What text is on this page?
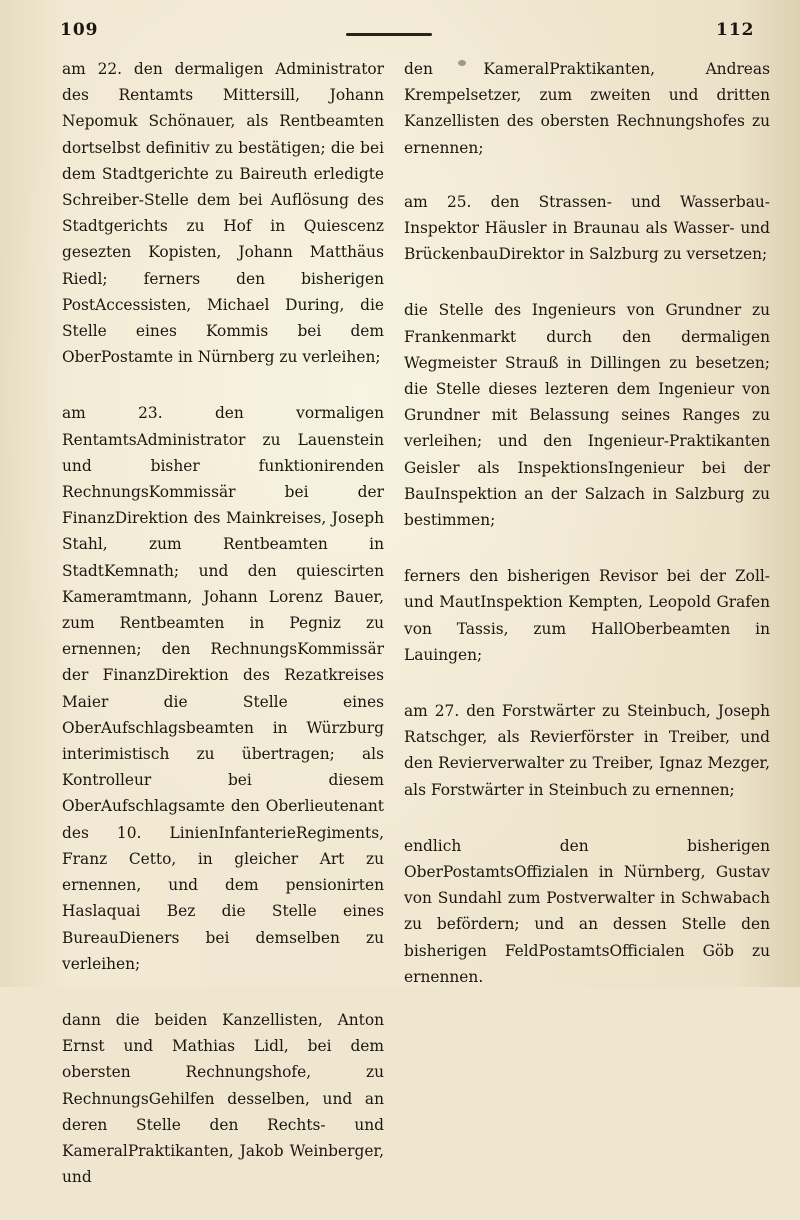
109	112

am 22. den dermaligen Administrator des Rentamts Mittersill, Johann Nepomuk Schönauer, als Rentbeamten dortselbst definitiv zu bestätigen; die bei dem Stadtgerichte zu Baireuth erledigte Schreiber-Stelle dem bei Auflösung des Stadtgerichts zu Hof in Quiescenz gesezten Kopisten, Johann Matthäus Riedl; ferners den bisherigen PostAccessisten, Michael During, die Stelle eines Kommis bei dem OberPostamte in Nürnberg zu verleihen;

am 23. den vormaligen RentamtsAdministrator zu Lauenstein und bisher funktionirenden RechnungsKommissär bei der FinanzDirektion des Mainkreises, Joseph Stahl, zum Rentbeamten in StadtKemnath; und den quiescirten Kameramtmann, Johann Lorenz Bauer, zum Rentbeamten in Pegniz zu ernennen; den RechnungsKommissär der FinanzDirektion des Rezatkreises Maier die Stelle eines OberAufschlagsbeamten in Würzburg interimistisch zu übertragen; als Kontrolleur bei diesem OberAufschlagsamte den Oberlieutenant des 10. LinienInfanterieRegiments, Franz Cetto, in gleicher Art zu ernennen, und dem pensionirten Haslaquai Bez die Stelle eines BureauDieners bei demselben zu verleihen;

dann die beiden Kanzellisten, Anton Ernst und Mathias Lidl, bei dem obersten Rechnungshofe, zu RechnungsGehilfen desselben, und an deren Stelle den Rechts- und KameralPraktikanten, Jakob Weinberger, und

den KameralPraktikanten, Andreas Krempelsetzer, zum zweiten und dritten Kanzellisten des obersten Rechnungshofes zu ernennen;

am 25. den Strassen- und Wasserbau-Inspektor Häusler in Braunau als Wasser- und BrückenbauDirektor in Salzburg zu versetzen;

die Stelle des Ingenieurs von Grundner zu Frankenmarkt durch den dermaligen Wegmeister Strauß in Dillingen zu besetzen; die Stelle dieses lezteren dem Ingenieur von Grundner mit Belassung seines Ranges zu verleihen; und den Ingenieur-Praktikanten Geisler als InspektionsIngenieur bei der BauInspektion an der Salzach in Salzburg zu bestimmen;

ferners den bisherigen Revisor bei der Zoll- und MautInspektion Kempten, Leopold Grafen von Tassis, zum HallOberbeamten in Lauingen;

am 27. den Forstwärter zu Steinbuch, Joseph Ratschger, als Revierförster in Treiber, und den Revierverwalter zu Treiber, Ignaz Mezger, als Forstwärter in Steinbuch zu ernennen;

endlich den bisherigen OberPostamtsOffizialen in Nürnberg, Gustav von Sundahl zum Postverwalter in Schwabach zu befördern; und an dessen Stelle den bisherigen FeldPostamtsOfficialen Göb zu ernennen.
